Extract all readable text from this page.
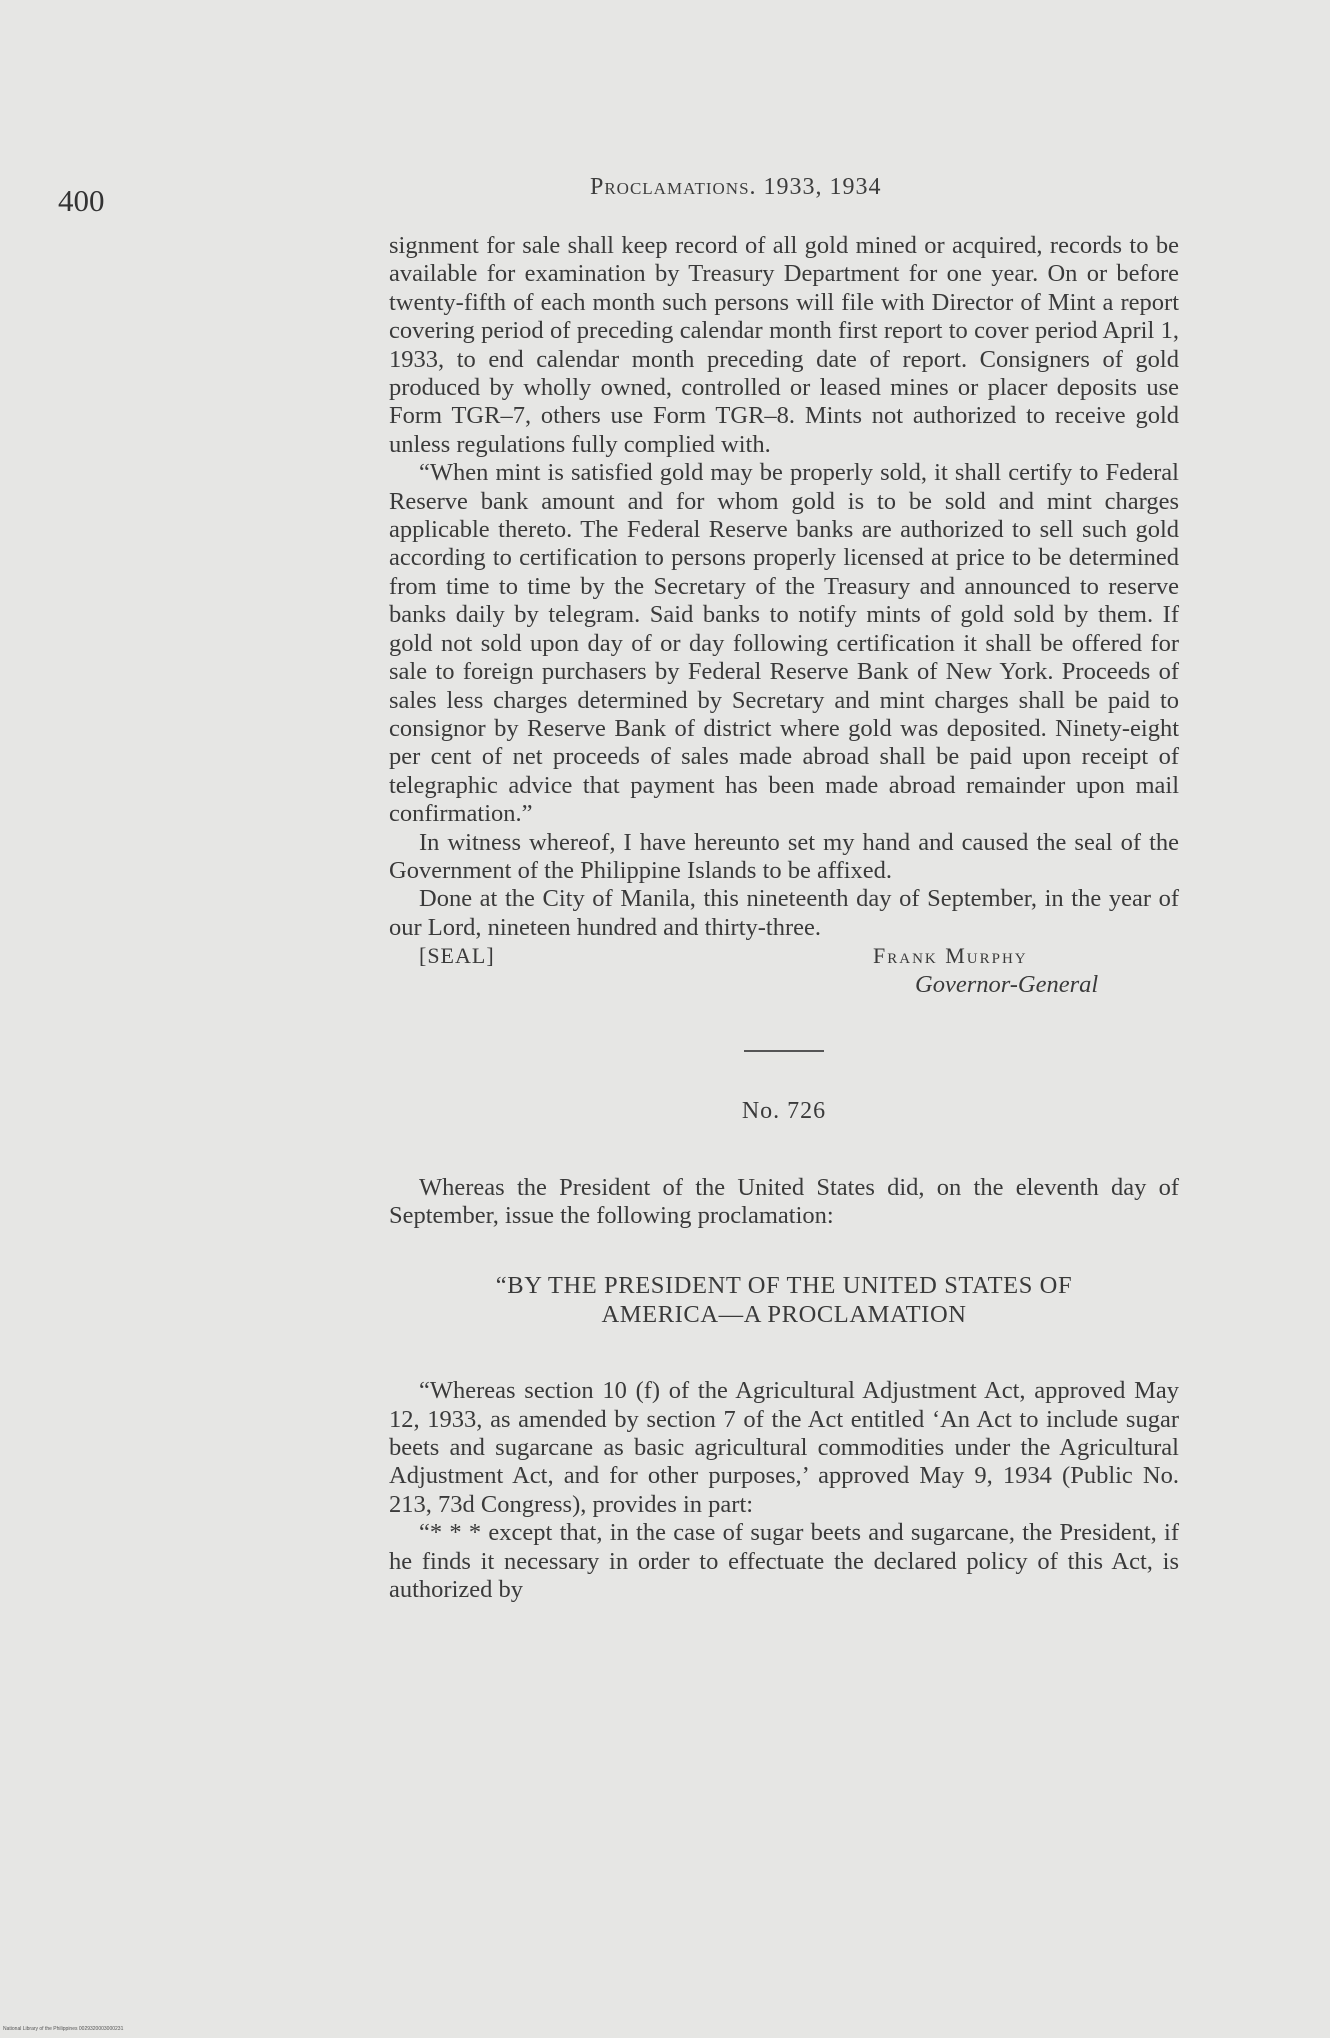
400	Proclamations. 1933, 1934

signment for sale shall keep record of all gold mined or acquired, records to be available for examination by Treasury Department for one year. On or before twenty-fifth of each month such persons will file with Director of Mint a report covering period of preceding calendar month first report to cover period April 1, 1933, to end calendar month preceding date of report. Consigners of gold produced by wholly owned, controlled or leased mines or placer deposits use Form TGR–7, others use Form TGR–8. Mints not authorized to receive gold unless regulations fully complied with.

“When mint is satisfied gold may be properly sold, it shall certify to Federal Reserve bank amount and for whom gold is to be sold and mint charges applicable thereto. The Federal Reserve banks are authorized to sell such gold according to certification to persons properly licensed at price to be determined from time to time by the Secretary of the Treasury and announced to reserve banks daily by telegram. Said banks to notify mints of gold sold by them. If gold not sold upon day of or day following certification it shall be offered for sale to foreign purchasers by Federal Reserve Bank of New York. Proceeds of sales less charges determined by Secretary and mint charges shall be paid to consignor by Reserve Bank of district where gold was deposited. Ninety-eight per cent of net proceeds of sales made abroad shall be paid upon receipt of telegraphic advice that payment has been made abroad remainder upon mail confirmation.”

In witness whereof, I have hereunto set my hand and caused the seal of the Government of the Philippine Islands to be affixed.

Done at the City of Manila, this nineteenth day of September, in the year of our Lord, nineteen hundred and thirty-three.

[SEAL]	Frank Murphy
Governor-General
No. 726

Whereas the President of the United States did, on the eleventh day of September, issue the following proclamation:

“BY THE PRESIDENT OF THE UNITED STATES OF
AMERICA—A PROCLAMATION

“Whereas section 10 (f) of the Agricultural Adjustment Act, approved May 12, 1933, as amended by section 7 of the Act entitled ‘An Act to include sugar beets and sugarcane as basic agricultural commodities under the Agricultural Adjustment Act, and for other purposes,’ approved May 9, 1934 (Public No. 213, 73d Congress), provides in part:

“* * * except that, in the case of sugar beets and sugarcane, the President, if he finds it necessary in order to effectuate the declared policy of this Act, is authorized by

National Library of the Philippines 0029320003000231
